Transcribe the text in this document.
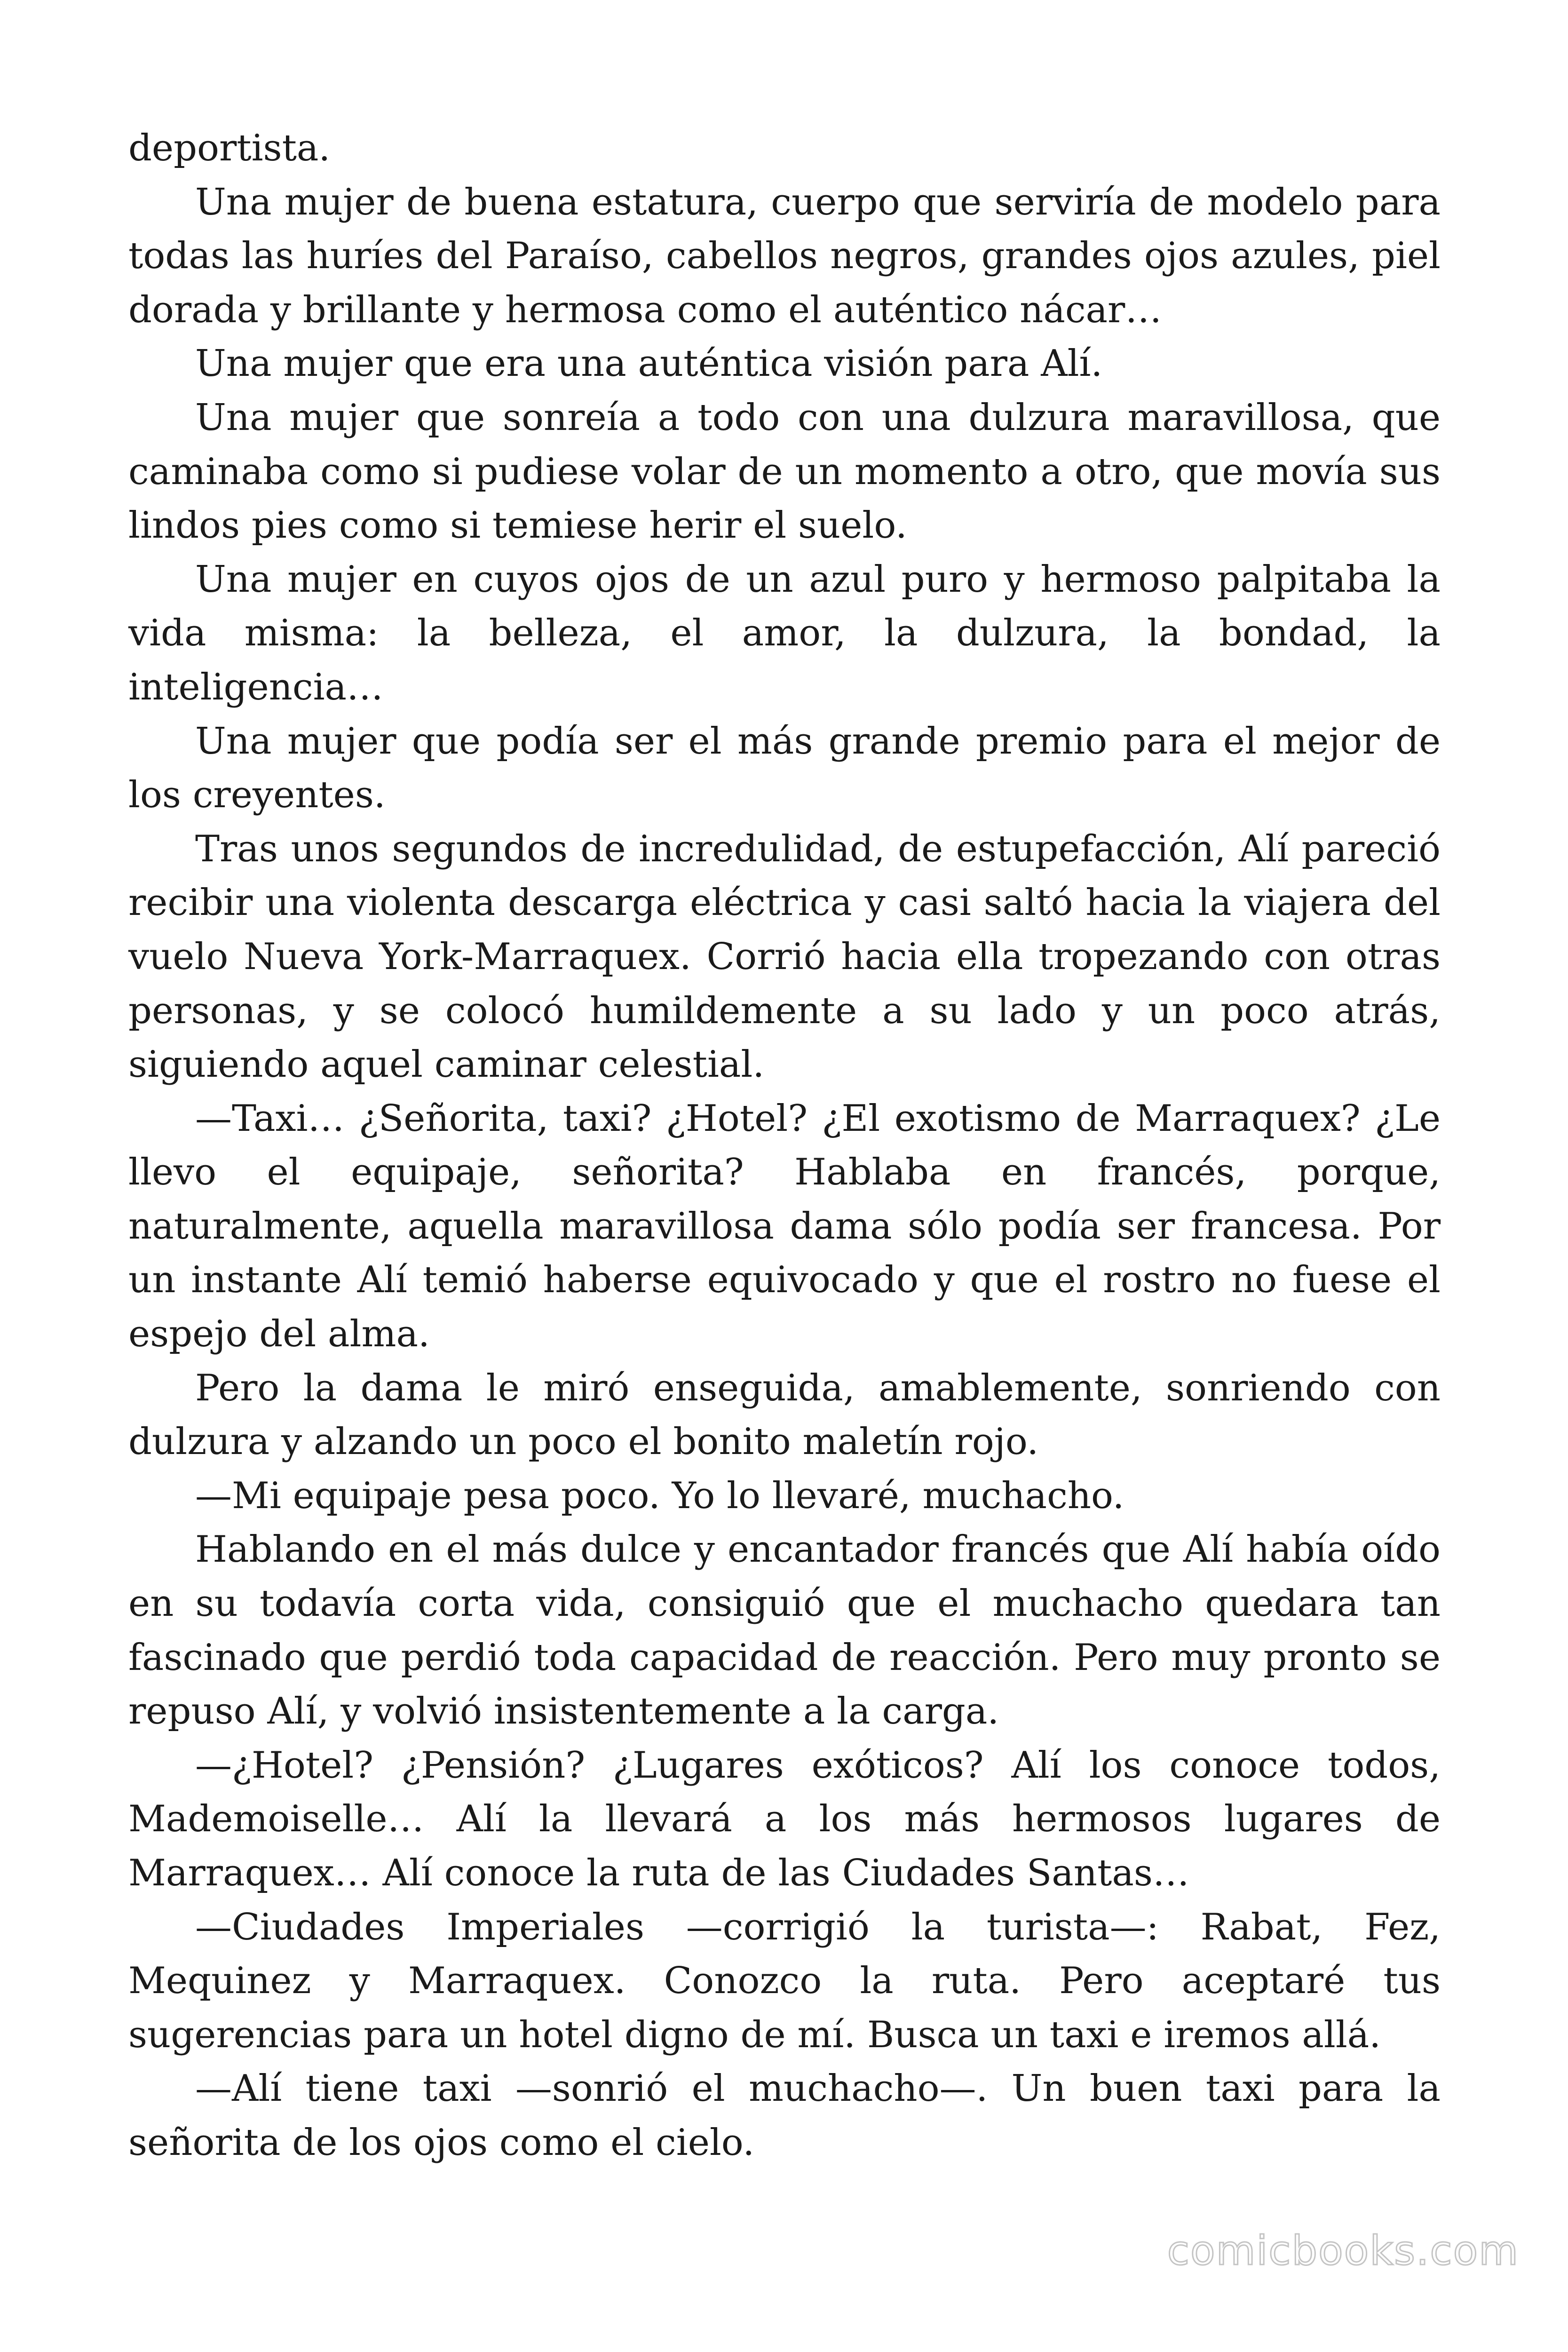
deportista.

Una mujer de buena estatura, cuerpo que serviría de modelo para todas las huríes del Paraíso, cabellos negros, grandes ojos azules, piel dorada y brillante y hermosa como el auténtico nácar…

Una mujer que era una auténtica visión para Alí.

Una mujer que sonreía a todo con una dulzura maravillosa, que caminaba como si pudiese volar de un momento a otro, que movía sus lindos pies como si temiese herir el suelo.

Una mujer en cuyos ojos de un azul puro y hermoso palpitaba la vida misma: la belleza, el amor, la dulzura, la bondad, la inteligencia…

Una mujer que podía ser el más grande premio para el mejor de los creyentes.

Tras unos segundos de incredulidad, de estupefacción, Alí pareció recibir una violenta descarga eléctrica y casi saltó hacia la viajera del vuelo Nueva York-Marraquex. Corrió hacia ella tropezando con otras personas, y se colocó humildemente a su lado y un poco atrás, siguiendo aquel caminar celestial.

—Taxi… ¿Señorita, taxi? ¿Hotel? ¿El exotismo de Marraquex? ¿Le llevo el equipaje, señorita? Hablaba en francés, porque, naturalmente, aquella maravillosa dama sólo podía ser francesa. Por un instante Alí temió haberse equivocado y que el rostro no fuese el espejo del alma.

Pero la dama le miró enseguida, amablemente, sonriendo con dulzura y alzando un poco el bonito maletín rojo.

—Mi equipaje pesa poco. Yo lo llevaré, muchacho.

Hablando en el más dulce y encantador francés que Alí había oído en su todavía corta vida, consiguió que el muchacho quedara tan fascinado que perdió toda capacidad de reacción. Pero muy pronto se repuso Alí, y volvió insistentemente a la carga.

—¿Hotel? ¿Pensión? ¿Lugares exóticos? Alí los conoce todos, Mademoiselle… Alí la llevará a los más hermosos lugares de Marraquex… Alí conoce la ruta de las Ciudades Santas…

—Ciudades Imperiales —corrigió la turista—: Rabat, Fez, Mequinez y Marraquex. Conozco la ruta. Pero aceptaré tus sugerencias para un hotel digno de mí. Busca un taxi e iremos allá.

—Alí tiene taxi —sonrió el muchacho—. Un buen taxi para la señorita de los ojos como el cielo.

comicbooks.com
